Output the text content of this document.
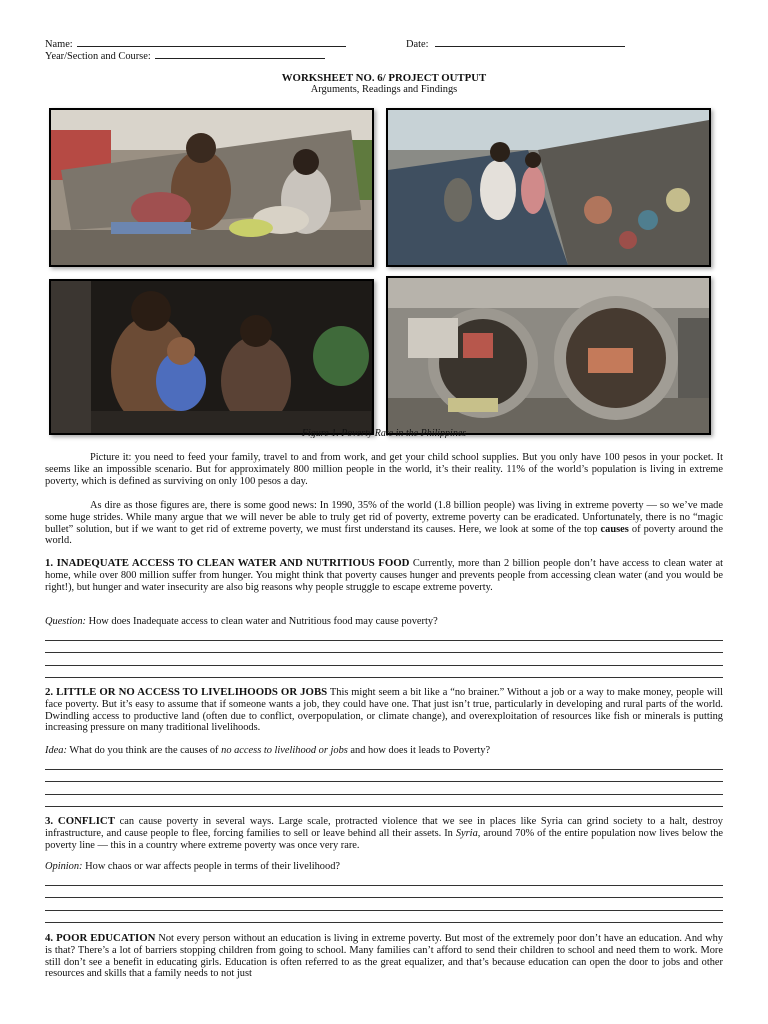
Name:	Date:
Year/Section and Course:
WORKSHEET NO. 6/ PROJECT OUTPUT
Arguments, Readings and Findings
Figure 1. Poverty Rate in the Philippines
Picture it: you need to feed your family, travel to and from work, and get your child school supplies. But you only have 100 pesos in your pocket. It seems like an impossible scenario. But for approximately 800 million people in the world, it’s their reality. 11% of the world’s population is living in extreme poverty, which is defined as surviving on only 100 pesos a day.
As dire as those figures are, there is some good news: In 1990, 35% of the world (1.8 billion people) was living in extreme poverty — so we’ve made some huge strides. While many argue that we will never be able to truly get rid of poverty, extreme poverty can be eradicated. Unfortunately, there is no “magic bullet” solution, but if we want to get rid of extreme poverty, we must first understand its causes. Here, we look at some of the top causes of poverty around the world.
1. INADEQUATE ACCESS TO CLEAN WATER AND NUTRITIOUS FOOD Currently, more than 2 billion people don’t have access to clean water at home, while over 800 million suffer from hunger. You might think that poverty causes hunger and prevents people from accessing clean water (and you would be right!), but hunger and water insecurity are also big reasons why people struggle to escape extreme poverty.
Question: How does Inadequate access to clean water and Nutritious food may cause poverty?
2. LITTLE OR NO ACCESS TO LIVELIHOODS OR JOBS This might seem a bit like a “no brainer.” Without a job or a way to make money, people will face poverty. But it’s easy to assume that if someone wants a job, they could have one. That just isn’t true, particularly in developing and rural parts of the world. Dwindling access to productive land (often due to conflict, overpopulation, or climate change), and overexploitation of resources like fish or minerals is putting increasing pressure on many traditional livelihoods.
Idea: What do you think are the causes of no access to livelihood or jobs and how does it leads to Poverty?
3. CONFLICT can cause poverty in several ways. Large scale, protracted violence that we see in places like Syria can grind society to a halt, destroy infrastructure, and cause people to flee, forcing families to sell or leave behind all their assets. In Syria, around 70% of the entire population now lives below the poverty line — this in a country where extreme poverty was once very rare.
Opinion: How chaos or war affects people in terms of their livelihood?
4. POOR EDUCATION Not every person without an education is living in extreme poverty. But most of the extremely poor don’t have an education. And why is that? There’s a lot of barriers stopping children from going to school. Many families can’t afford to send their children to school and need them to work. More still don’t see a benefit in educating girls. Education is often referred to as the great equalizer, and that’s because education can open the door to jobs and other resources and skills that a family needs to not just
